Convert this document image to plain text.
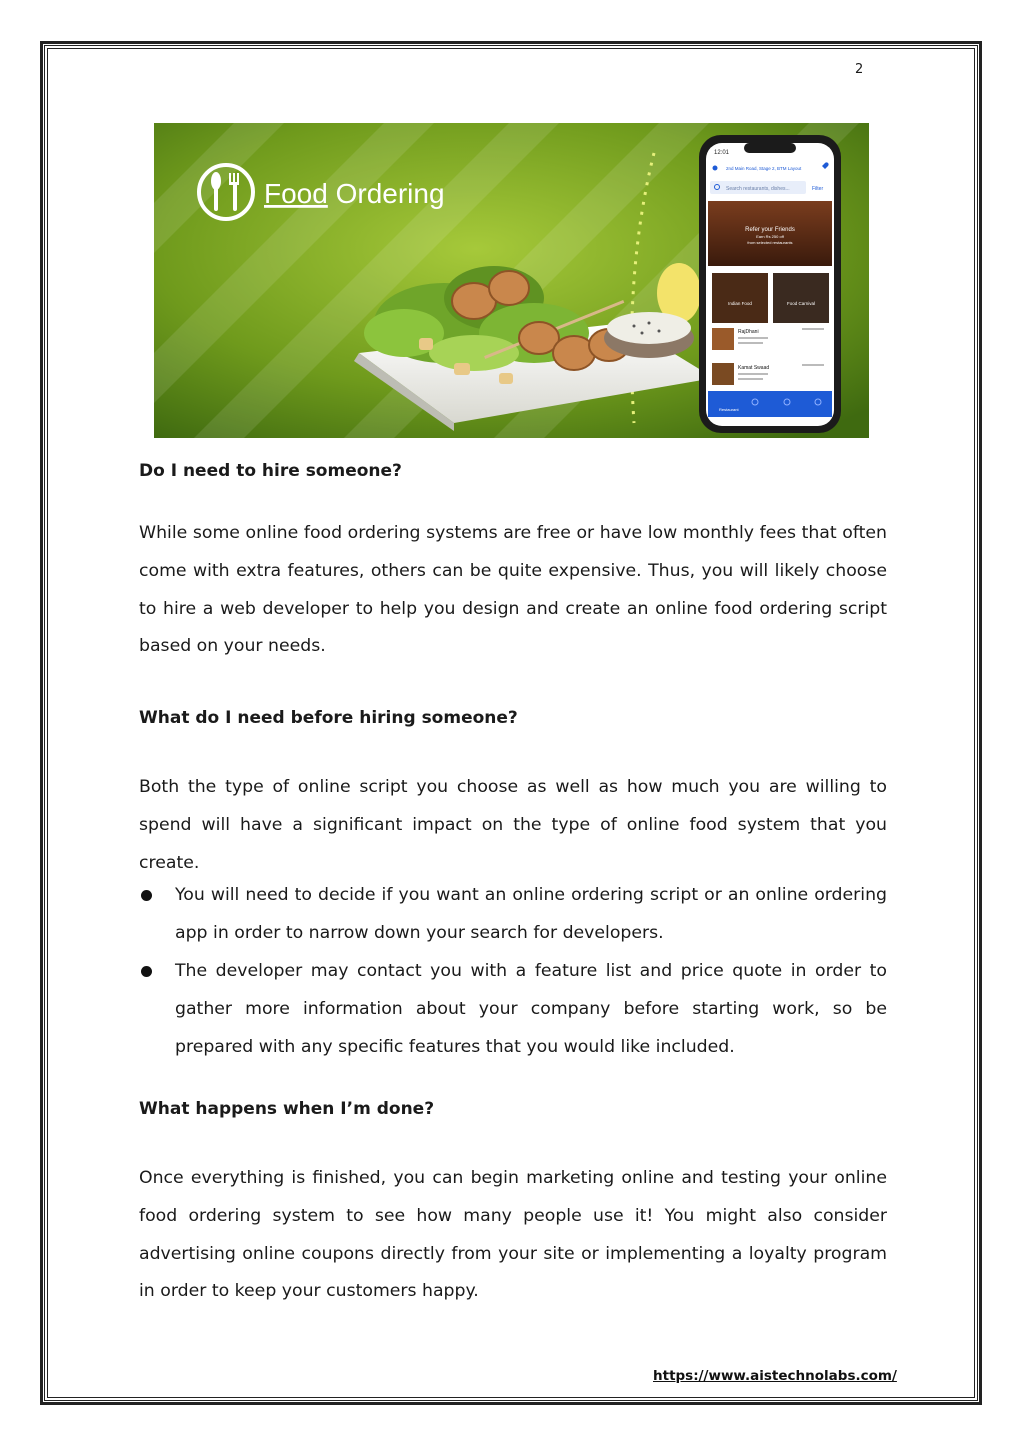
2
Food Ordering
12:01
2nd Main Road, Stage 2, BTM Layout
Search restaurants, dishes...	Filter
Refer your Friends
Earn Rs 250 off
from selected restaurants
Indian Food	Food Carnival
RajDhani
Kamat Swaad
Restaurant
Do I need to hire someone?

While some online food ordering systems are free or have low monthly fees that often come with extra features, others can be quite expensive. Thus, you will likely choose to hire a web developer to help you design and create an online food ordering script based on your needs.

What do I need before hiring someone?

Both the type of online script you choose as well as how much you are willing to spend will have a significant impact on the type of online food system that you create.

You will need to decide if you want an online ordering script or an online ordering app in order to narrow down your search for developers.

The developer may contact you with a feature list and price quote in order to gather more information about your company before starting work, so be prepared with any specific features that you would like included.

What happens when I’m done?

Once everything is finished, you can begin marketing online and testing your online food ordering system to see how many people use it! You might also consider advertising online coupons directly from your site or implementing a loyalty program in order to keep your customers happy.

https://www.aistechnolabs.com/
